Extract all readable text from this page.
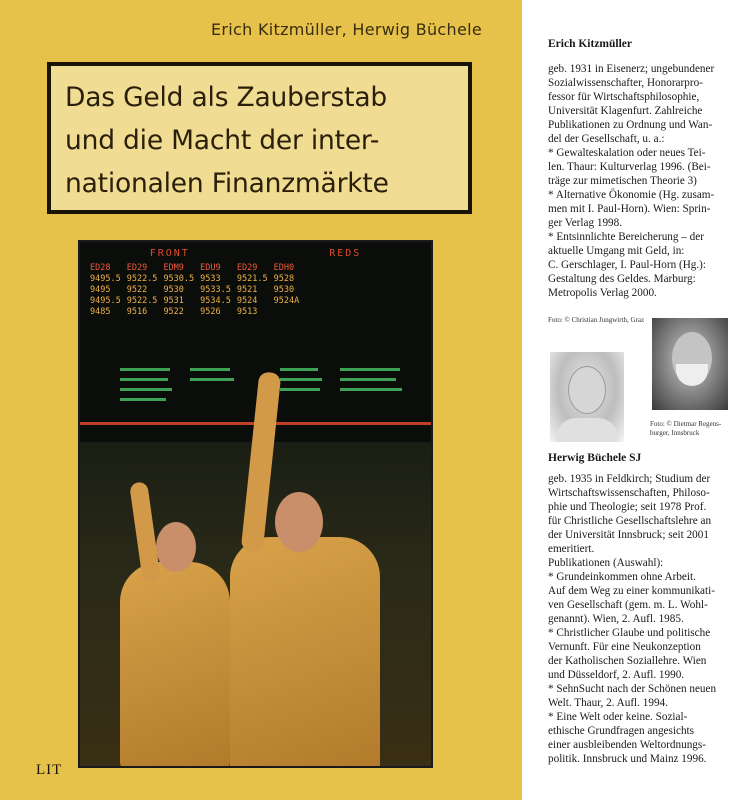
Erich Kitzmüller, Herwig Büchele
Das Geld als Zauberstab
und die Macht der inter-
nationalen Finanzmärkte
FRONT	REDS
ED28
9495.5
9495
9495.5
9485
ED29
9522.5
9522
9522.5
9516
EDM9
9530.5
9530
9531
9522
EDU9
9533
9533.5
9534.5
9526
ED29
9521.5
9521
9524
9513
EDH0
9528
9530
9524A
LIT
Erich Kitzmüller
geb. 1931 in Eisenerz; ungebundener
Sozialwissenschafter, Honorarpro-
fessor für Wirtschaftsphilosophie,
Universität Klagenfurt. Zahlreiche
Publikationen zu Ordnung und Wan-
del der Gesellschaft, u. a.:
* Gewalteskalation oder neues Tei-
len. Thaur: Kulturverlag 1996. (Bei-
träge zur mimetischen Theorie 3)
* Alternative Ökonomie (Hg. zusam-
men mit I. Paul-Horn). Wien: Sprin-
ger Verlag 1998.
* Entsinnlichte Bereicherung – der
aktuelle Umgang mit Geld, in:
C. Gerschlager, I. Paul-Horn (Hg.):
Gestaltung des Geldes. Marburg:
Metropolis Verlag 2000.
Foto: © Christian Jungwirth, Graz
Foto: © Dietmar Regens-burger, Innsbruck
Herwig Büchele SJ
geb. 1935 in Feldkirch; Studium der
Wirtschaftswissenschaften, Philoso-
phie und Theologie; seit 1978 Prof.
für Christliche Gesellschaftslehre an
der Universität Innsbruck; seit 2001
emeritiert.
Publikationen (Auswahl):
* Grundeinkommen ohne Arbeit.
Auf dem Weg zu einer kommunikati-
ven Gesellschaft (gem. m. L. Wohl-
genannt). Wien, 2. Aufl. 1985.
* Christlicher Glaube und politische
Vernunft. Für eine Neukonzeption
der Katholischen Soziallehre. Wien
und Düsseldorf, 2. Aufl. 1990.
* SehnSucht nach der Schönen neuen
Welt. Thaur, 2. Aufl. 1994.
* Eine Welt oder keine. Sozial-
ethische Grundfragen angesichts
einer ausbleibenden Weltordnungs-
politik. Innsbruck und Mainz 1996.
